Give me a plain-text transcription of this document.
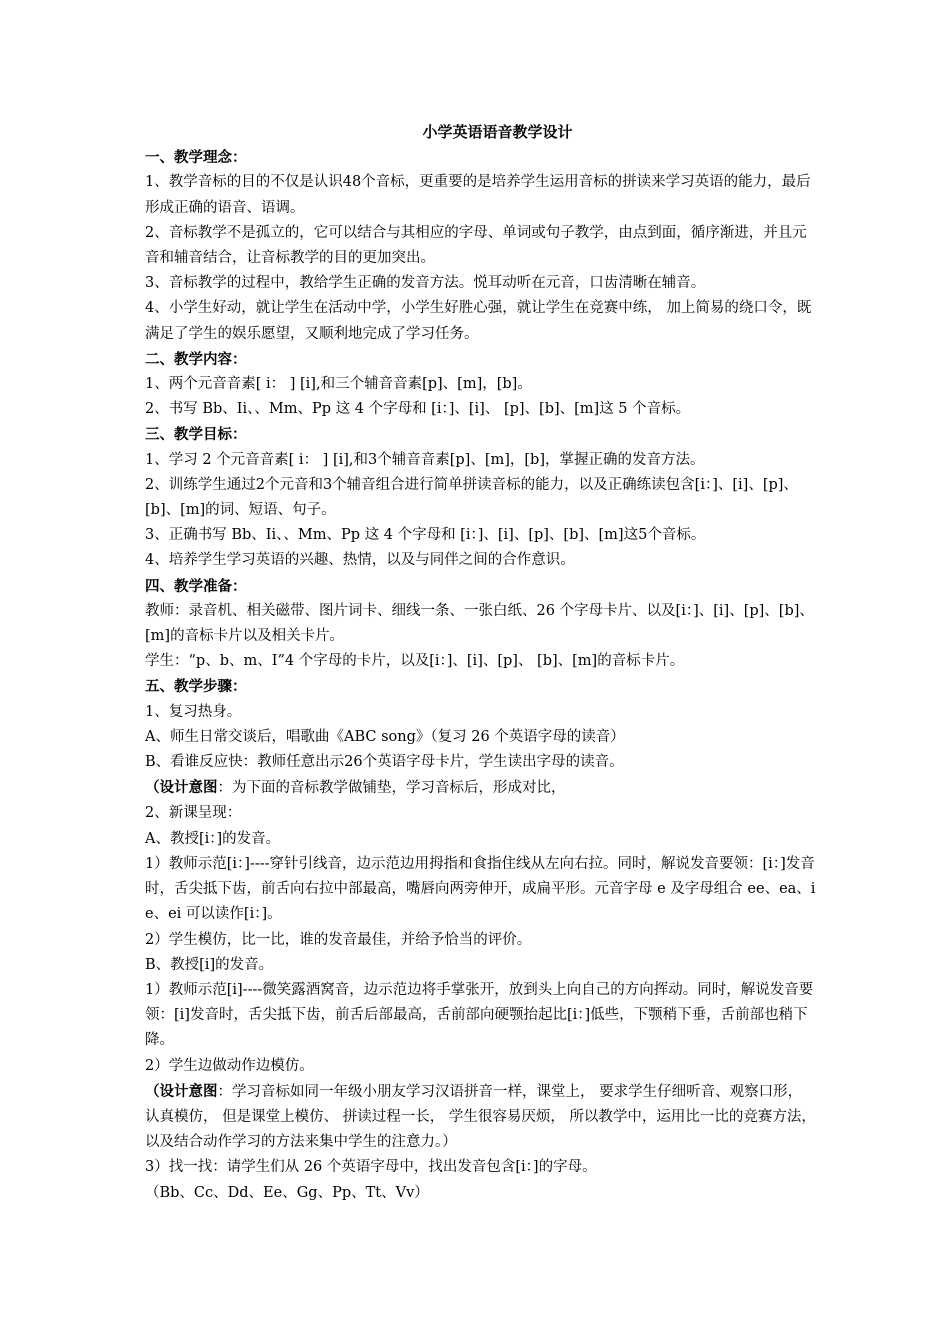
小学英语语音教学设计
一、教学理念：

1、教学音标的目的不仅是认识48个音标，更重要的是培养学生运用音标的拼读来学习英语的能力，最后形成正确的语音、语调。

2、音标教学不是孤立的，它可以结合与其相应的字母、单词或句子教学，由点到面，循序渐进，并且元音和辅音结合，让音标教学的目的更加突出。

3、音标教学的过程中，教给学生正确的发音方法。悦耳动听在元音，口齿清晰在辅音。

4、小学生好动，就让学生在活动中学，小学生好胜心强，就让学生在竞赛中练， 加上简易的绕口令，既满足了学生的娱乐愿望，又顺利地完成了学习任务。

二、教学内容：

1、两个元音音素[ i： ] [i],和三个辅音音素[p]、[m]，[b]。

2、书写 Bb、Ii、、Mm、Pp 这 4 个字母和 [i：]、[i]、 [p]、[b]、[m]这 5 个音标。

三、教学目标：

1、学习 2 个元音音素[ i： ] [i],和3个辅音音素[p]、[m]，[b]，掌握正确的发音方法。

2、训练学生通过2个元音和3个辅音组合进行简单拼读音标的能力，以及正确练读包含[i：]、[i]、[p]、[b]、[m]的词、短语、句子。

3、正确书写 Bb、Ii、、Mm、Pp 这 4 个字母和 [i：]、[i]、[p]、[b]、[m]这5个音标。

4、培养学生学习英语的兴趣、热情，以及与同伴之间的合作意识。

四、教学准备：

教师：录音机、相关磁带、图片词卡、细线一条、一张白纸、26 个字母卡片、以及[i：]、[i]、[p]、[b]、[m]的音标卡片以及相关卡片。

学生：“p、b、m、I”4 个字母的卡片，以及[i：]、[i]、[p]、 [b]、[m]的音标卡片。

五、教学步骤：

1、复习热身。

A、师生日常交谈后，唱歌曲《ABC song》（复习 26 个英语字母的读音）

B、看谁反应快：教师任意出示26个英语字母卡片，学生读出字母的读音。

（设计意图：为下面的音标教学做铺垫，学习音标后，形成对比，

2、新课呈现：

A、教授[i：]的发音。

1）教师示范[i：]----穿针引线音，边示范边用拇指和食指住线从左向右拉。同时，解说发音要领：[i：]发音时，舌尖抵下齿，前舌向右拉中部最高，嘴唇向两旁伸开，成扁平形。元音字母 e 及字母组合 ee、ea、ie、ei 可以读作[i：]。

2）学生模仿，比一比，谁的发音最佳，并给予恰当的评价。

B、教授[i]的发音。

1）教师示范[i]----微笑露酒窝音，边示范边将手掌张开，放到头上向自己的方向挥动。同时，解说发音要领：[i]发音时，舌尖抵下齿，前舌后部最高，舌前部向硬颚抬起比[i：]低些，下颚稍下垂，舌前部也稍下降。

2）学生边做动作边模仿。

（设计意图：学习音标如同一年级小朋友学习汉语拼音一样，课堂上， 要求学生仔细听音、观察口形， 认真模仿， 但是课堂上模仿、 拼读过程一长， 学生很容易厌烦， 所以教学中，运用比一比的竞赛方法， 以及结合动作学习的方法来集中学生的注意力。）

3）找一找：请学生们从 26 个英语字母中，找出发音包含[i：]的字母。

（Bb、Cc、Dd、Ee、Gg、Pp、Tt、Vv）
